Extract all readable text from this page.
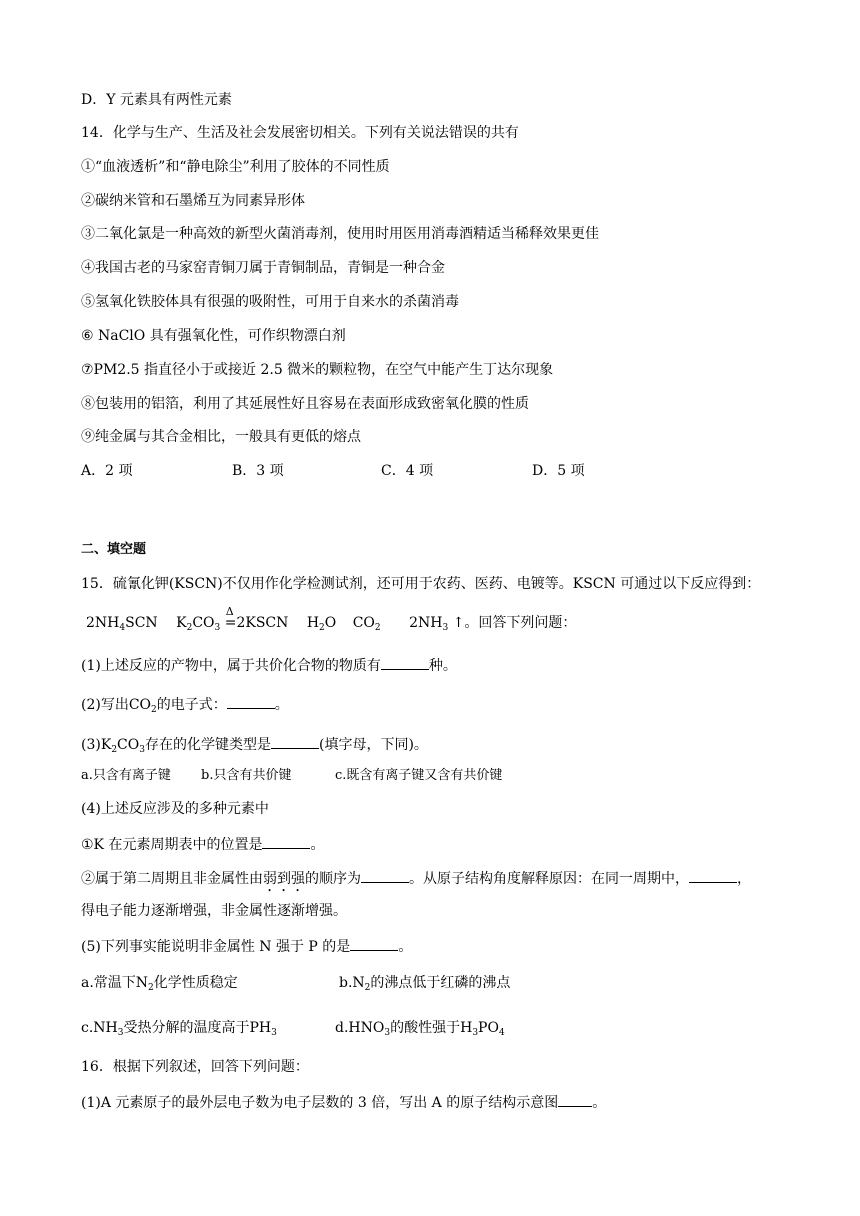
D．Y 元素具有两性元素
14．化学与生产、生活及社会发展密切相关。下列有关说法错误的共有
①“血液透析”和“静电除尘”利用了胶体的不同性质
②碳纳米管和石墨烯互为同素异形体
③二氧化氯是一种高效的新型火菌消毒剂，使用时用医用消毒酒精适当稀释效果更佳
④我国古老的马家窑青铜刀属于青铜制品，青铜是一种合金
⑤氢氧化铁胶体具有很强的吸附性，可用于自来水的杀菌消毒
⑥ NaClO 具有强氧化性，可作织物漂白剂
⑦PM2.5 指直径小于或接近 2.5 微米的颗粒物，在空气中能产生丁达尔现象
⑧包装用的铝箔，利用了其延展性好且容易在表面形成致密氧化膜的性质
⑨纯金属与其合金相比，一般具有更低的熔点
A．2 项	B．3 项	C．4 项	D．5 项
二、填空题
15．硫氰化钾(KSCN)不仅用作化学检测试剂，还可用于农药、医药、电镀等。KSCN 可通过以下反应得到：
$2NH_4SCN$ $K_2CO_3$
Δ
=2KSCN $H_2O$ $CO_2$ $2NH_3$ ↑。回答下列问题：
(1)上述反应的产物中，属于共价化合物的物质有	种。
(2)写出$CO_2$的电子式：	。
$(3)K_2CO_3$存在的化学键类型是	(填字母，下同)。
a.只含有离子键 b.只含有共价键	c.既含有离子键又含有共价键
(4)上述反应涉及的多种元素中
①K 在元素周期表中的位置是	。
②属于第二周期且非金属性由弱到强的顺序为	。从原子结构角度解释原因：在同一周期中，	，
得电子能力逐渐增强，非金属性逐渐增强。
(5)下列事实能说明非金属性 N 强于 P 的是	。
a.常温下$N_2$化学性质稳定	$b.N_2$的沸点低于红磷的沸点
$c.NH_3$受热分解的温度高于$PH_3$	$d.HNO_3$的酸性强于$H_3PO_4$
16．根据下列叙述，回答下列问题：
(1)A 元素原子的最外层电子数为电子层数的 3 倍，写出 A 的原子结构示意图 。
